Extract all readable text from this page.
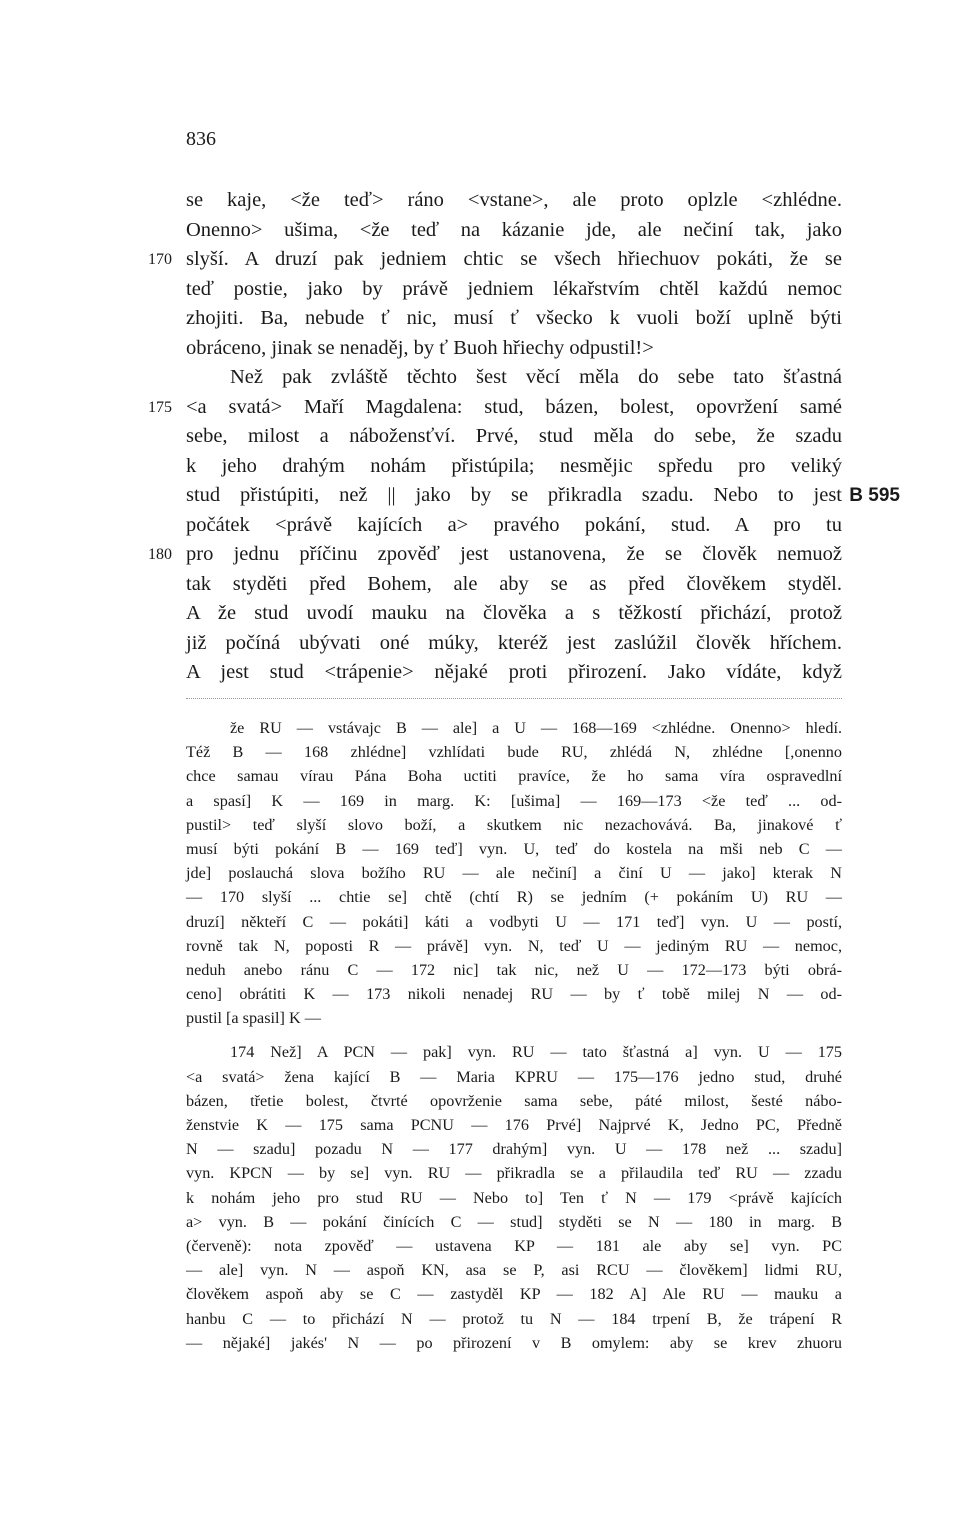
836
se kaje, <že teď> ráno <vstane>, ale proto oplzle <zhlédne.
Onenno> ušima, <že teď na kázanie jde, ale nečiní tak, jako
slyší. A druzí pak jedniem chtic se všech hřiechuov pokáti, že se
170
teď postie, jako by právě jedniem lékařstvím chtěl každú nemoc
zhojiti. Ba, nebude ť nic, musí ť všecko k vuoli boží uplně býti
obráceno, jinak se nenaděj, by ť Buoh hřiechy odpustil!>
Než pak zvláště těchto šest věcí měla do sebe tato šťastná
<a svatá> Maří Magdalena: stud, bázen, bolest, opovržení samé
175
sebe, milost a nábožensťví. Prvé, stud měla do sebe, že szadu
k jeho drahým nohám přistúpila; nesmějic spředu pro veliký
stud přistúpiti, než || jako by se přikradla szadu. Nebo to jest B 595
počátek <právě kajících a> pravého pokání, stud. A pro tu
pro jednu příčinu zpověď jest ustanovena, že se člověk nemuož
180
tak styděti před Bohem, ale aby se as před člověkem styděl.
A že stud uvodí mauku na člověka a s těžkostí přichází, protož
již počíná ubývati oné múky, kteréž jest zaslúžil člověk hříchem.
A jest stud <trápenie> nějaké proti přirození. Jako vídáte, když
že RU — vstávajc B — ale] a U — 168—169 <zhlédne. Onenno> hledí.
Též B — 168 zhlédne] vzhlídati bude RU, zhlédá N, zhlédne [,onenno
chce samau vírau Pána Boha uctiti pravíce, že ho sama víra ospravedlní
a spasí] K — 169 in marg. K: [ušima] — 169—173 <že teď ... od-
pustil> teď slyší slovo boží, a skutkem nic nezachovává. Ba, jinakové ť
musí býti pokání B — 169 teď] vyn. U, teď do kostela na mši neb C —
jde] poslauchá slova božího RU — ale nečiní] a činí U — jako] kterak N
— 170 slyší ... chtie se] chtě (chtí R) se jedním (+ pokáním U) RU —
druzí] někteří C — pokáti] káti a vodbyti U — 171 teď] vyn. U — postí,
rovně tak N, poposti R — právě] vyn. N, teď U — jediným RU — nemoc,
neduh anebo ránu C — 172 nic] tak nic, než U — 172—173 býti obrá-
ceno] obrátiti K — 173 nikoli nenadej RU — by ť tobě milej N — od-
pustil [a spasil] K —
174 Než] A PCN — pak] vyn. RU — tato šťastná a] vyn. U — 175
<a svatá> žena kající B — Maria KPRU — 175—176 jedno stud, druhé
bázen, třetie bolest, čtvrté opovrženie sama sebe, páté milost, šesté nábo-
ženstvie K — 175 sama PCNU — 176 Prvé] Najprvé K, Jedno PC, Předně
N — szadu] pozadu N — 177 drahým] vyn. U — 178 než ... szadu]
vyn. KPCN — by se] vyn. RU — přikradla se a přilaudila teď RU — zzadu
k nohám jeho pro stud RU — Nebo to] Ten ť N — 179 <právě kajících
a> vyn. B — pokání činících C — stud] styděti se N — 180 in marg. B
(červeně): nota zpověď — ustavena KP — 181 ale aby se] vyn. PC
— ale] vyn. N — aspoň KN, asa se P, asi RCU — člověkem] lidmi RU,
člověkem aspoň aby se C — zastyděl KP — 182 A] Ale RU — mauku a
hanbu C — to přichází N — protož tu N — 184 trpení B, že trápení R
— nějaké] jakés' N — po přirození v B omylem: aby se krev zhuoru
